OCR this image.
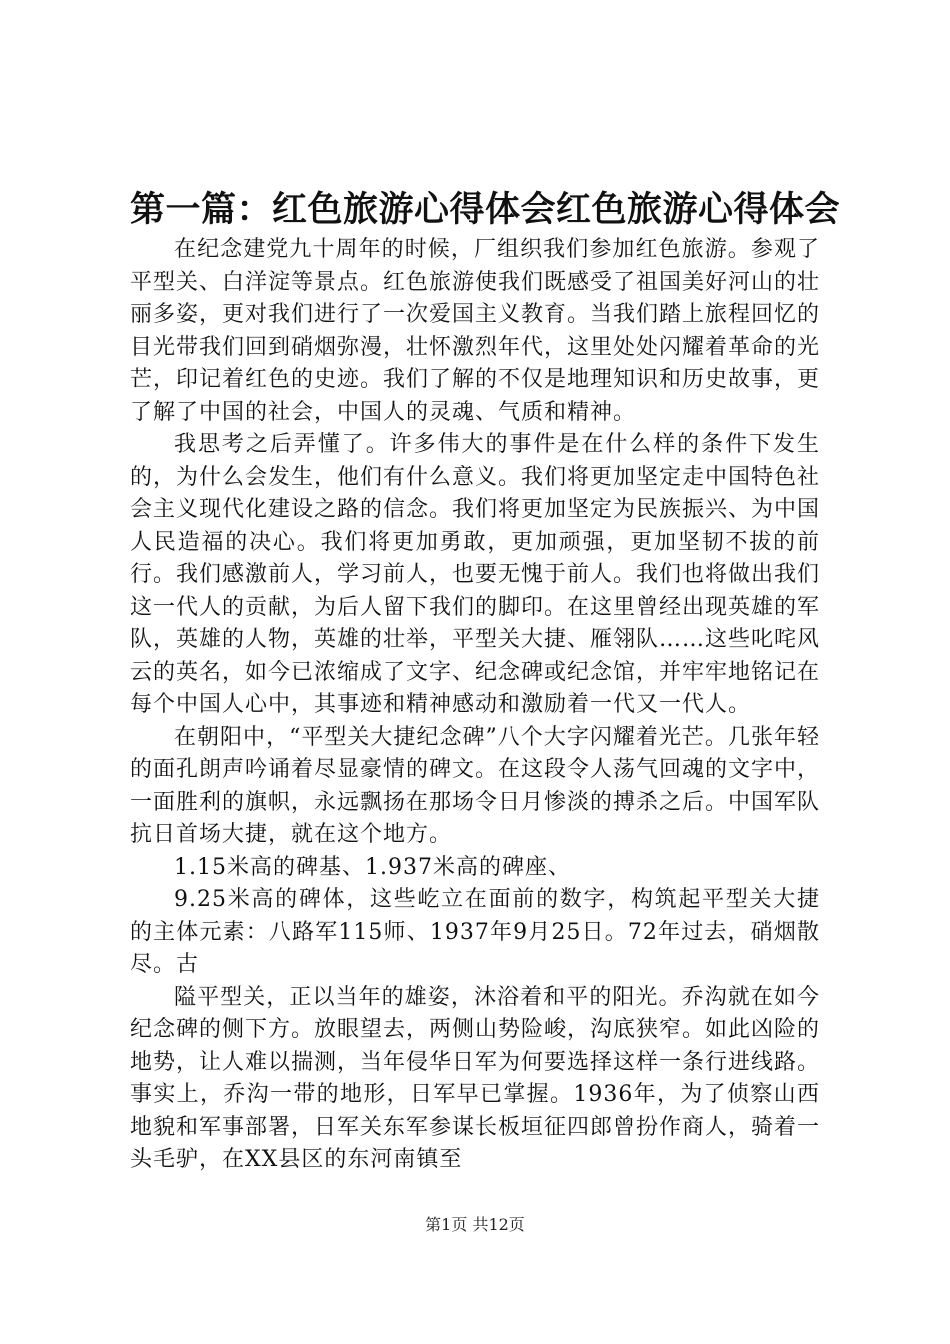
第一篇：红色旅游心得体会红色旅游心得体会

在纪念建党九十周年的时候，厂组织我们参加红色旅游。参观了平型关、白洋淀等景点。红色旅游使我们既感受了祖国美好河山的壮丽多姿，更对我们进行了一次爱国主义教育。当我们踏上旅程回忆的目光带我们回到硝烟弥漫，壮怀激烈年代，这里处处闪耀着革命的光芒，印记着红色的史迹。我们了解的不仅是地理知识和历史故事，更了解了中国的社会，中国人的灵魂、气质和精神。

我思考之后弄懂了。许多伟大的事件是在什么样的条件下发生的，为什么会发生，他们有什么意义。我们将更加坚定走中国特色社会主义现代化建设之路的信念。我们将更加坚定为民族振兴、为中国人民造福的决心。我们将更加勇敢，更加顽强，更加坚韧不拔的前行。我们感激前人，学习前人，也要无愧于前人。我们也将做出我们这一代人的贡献，为后人留下我们的脚印。在这里曾经出现英雄的军队，英雄的人物，英雄的壮举，平型关大捷、雁翎队……这些叱咤风云的英名，如今已浓缩成了文字、纪念碑或纪念馆，并牢牢地铭记在每个中国人心中，其事迹和精神感动和激励着一代又一代人。

在朝阳中，“平型关大捷纪念碑”八个大字闪耀着光芒。几张年轻的面孔朗声吟诵着尽显豪情的碑文。在这段令人荡气回魂的文字中，一面胜利的旗帜，永远飘扬在那场令日月惨淡的搏杀之后。中国军队抗日首场大捷，就在这个地方。

1.15米高的碑基、1.937米高的碑座、

9.25米高的碑体，这些屹立在面前的数字，构筑起平型关大捷的主体元素：八路军115师、1937年9月25日。72年过去，硝烟散尽。古

隘平型关，正以当年的雄姿，沐浴着和平的阳光。乔沟就在如今纪念碑的侧下方。放眼望去，两侧山势险峻，沟底狭窄。如此凶险的地势，让人难以揣测，当年侵华日军为何要选择这样一条行进线路。事实上，乔沟一带的地形，日军早已掌握。1936年，为了侦察山西地貌和军事部署，日军关东军参谋长板垣征四郎曾扮作商人，骑着一头毛驴，在XX县区的东河南镇至

第1页 共12页
